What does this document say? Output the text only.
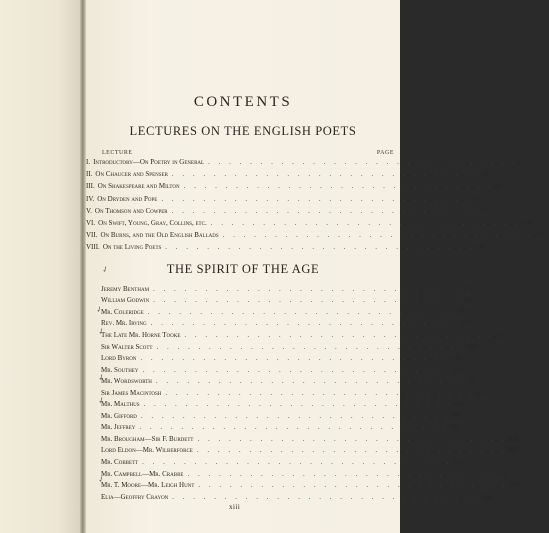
CONTENTS
LECTURES ON THE ENGLISH POETS
LECTURE	PAGE
I. Introductory—On Poetry in General . . . . . . . . . . . . . . . . . . . . . . . . . . . . . . 1
II. On Chaucer and Spenser . . . . . . . . . . . . . . . . . . . . . . . . . . . . . . 19
III. On Shakespeare and Milton . . . . . . . . . . . . . . . . . . . . . . . . . . . . . . 44
IV. On Dryden and Pope . . . . . . . . . . . . . . . . . . . . . . . . . . . . . . 68
V. On Thomson and Cowper . . . . . . . . . . . . . . . . . . . . . . . . . . . . . . 85
VI. On Swift, Young, Gray, Collins, etc. . . . . . . . . . . . . . . . . . . . . . . . . . . . . . . 104
VII. On Burns, and the Old English Ballads . . . . . . . . . . . . . . . . . . . . . . . . . . . . . . 123
VIII. On the Living Poets . . . . . . . . . . . . . . . . . . . . . . . . . . . . . . 143
THE SPIRIT OF THE AGE
Jeremy Bentham . . . . . . . . . . . . . . . . . . . . . . . . . . . . . . 171
William Godwin . . . . . . . . . . . . . . . . . . . . . . . . . . . . . . 182
Mr. Coleridge . . . . . . . . . . . . . . . . . . . . . . . . . . . . . . 194
Rev. Mr. Irving . . . . . . . . . . . . . . . . . . . . . . . . . . . . . . 204
The Late Mr. Horne Tooke . . . . . . . . . . . . . . . . . . . . . . . . . . . . . . 213
Sir Walter Scott . . . . . . . . . . . . . . . . . . . . . . . . . . . . . . 223
Lord Byron . . . . . . . . . . . . . . . . . . . . . . . . . . . . . . 235
Mr. Southey . . . . . . . . . . . . . . . . . . . . . . . . . . . . . . 244
Mr. Wordsworth . . . . . . . . . . . . . . . . . . . . . . . . . . . . . . 252
Sir James Macintosh . . . . . . . . . . . . . . . . . . . . . . . . . . . . . . 261
Mr. Malthus . . . . . . . . . . . . . . . . . . . . . . . . . . . . . . 269
Mr. Gifford . . . . . . . . . . . . . . . . . . . . . . . . . . . . . . 280
Mr. Jeffrey . . . . . . . . . . . . . . . . . . . . . . . . . . . . . . 292
Mr. Brougham—Sir F. Burdett . . . . . . . . . . . . . . . . . . . . . . . . . . . . . . 300
Lord Eldon—Mr. Wilberforce . . . . . . . . . . . . . . . . . . . . . . . . . . . . . . 307
Mr. Cobbett . . . . . . . . . . . . . . . . . . . . . . . . . . . . . . 316
Mr. Campbell—Mr. Crabbe . . . . . . . . . . . . . . . . . . . . . . . . . . . . . . 325
Mr. T. Moore—Mr. Leigh Hunt . . . . . . . . . . . . . . . . . . . . . . . . . . . . . . 335
Elia—Geoffry Crayon . . . . . . . . . . . . . . . . . . . . . . . . . . . . . . 344
xiii
✓
✓
✓
✓
✓
✓
